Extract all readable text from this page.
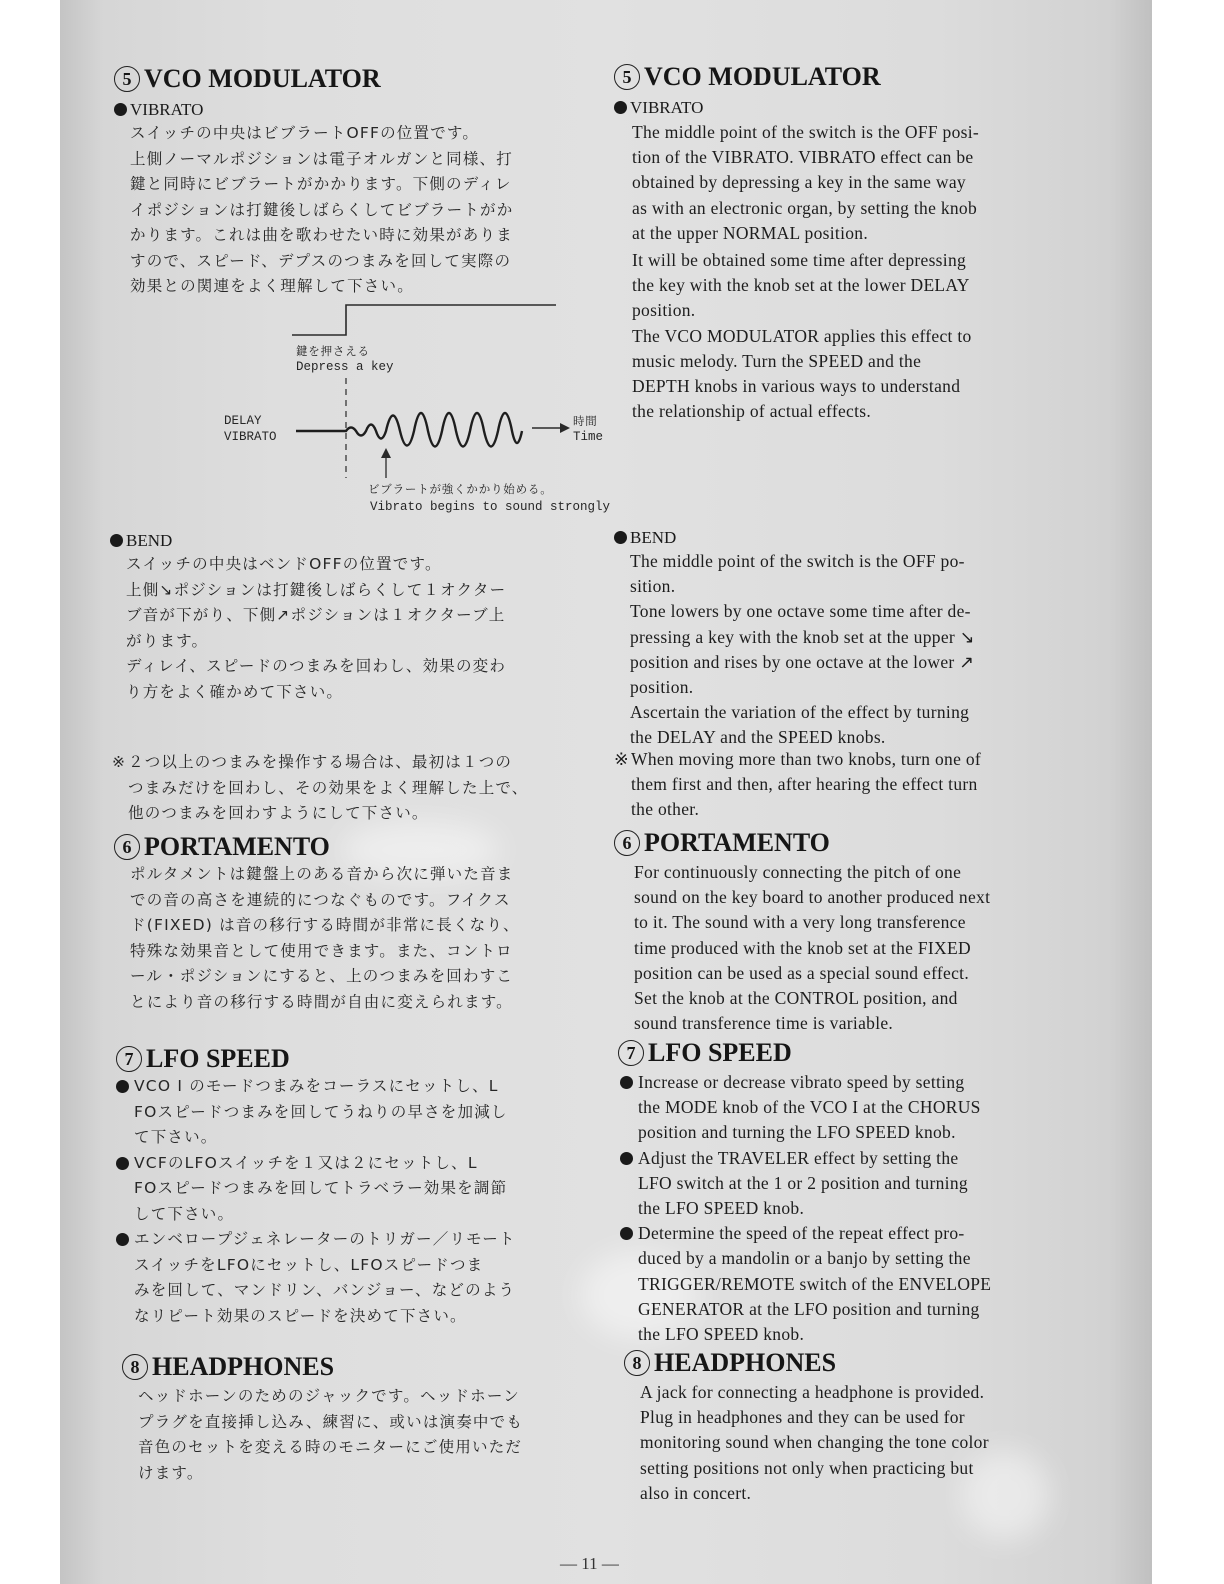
5 VCO MODULATOR
VIBRATO

スイッチの中央はビブラートOFFの位置です。
上側ノーマルポジションは電子オルガンと同様、打
鍵と同時にビブラートがかかります。下側のディレ
イポジションは打鍵後しばらくしてビブラートがか
かります。これは曲を歌わせたい時に効果がありま
すので、スピード、デプスのつまみを回して実際の
効果との関連をよく理解して下さい。

鍵を押さえる
Depress a key
DELAY
VIBRATO
時間
Time
ビブラートが強くかかり始める。
Vibrato begins to sound strongly
BEND

スイッチの中央はベンドOFFの位置です。
上側↘ポジションは打鍵後しばらくして１オクター
ブ音が下がり、下側↗ポジションは１オクターブ上
がります。
ディレイ、スピードのつまみを回わし、効果の変わ
り方をよく確かめて下さい。

※ ２つ以上のつまみを操作する場合は、最初は１つの
つまみだけを回わし、その効果をよく理解した上で、
他のつまみを回わすようにして下さい。

6 PORTAMENTO

ポルタメントは鍵盤上のある音から次に弾いた音ま
での音の高さを連続的につなぐものです。フイクス
ド(FIXED) は音の移行する時間が非常に長くなり、
特殊な効果音として使用できます。また、コントロ
ール・ポジションにすると、上のつまみを回わすこ
とにより音の移行する時間が自由に変えられます。

7 LFO SPEED

VCO I のモードつまみをコーラスにセットし、L
FOスピードつまみを回してうねりの早さを加減し
て下さい。

VCFのLFOスイッチを１又は２にセットし、L
FOスピードつまみを回してトラベラー効果を調節
して下さい。

エンベロープジェネレーターのトリガー／リモート
スイッチをLFOにセットし、LFOスピードつま
みを回して、マンドリン、バンジョー、などのよう
なリピート効果のスピードを決めて下さい。

8 HEADPHONES

ヘッドホーンのためのジャックです。ヘッドホーン
プラグを直接挿し込み、練習に、或いは演奏中でも
音色のセットを変える時のモニターにご使用いただ
けます。

5 VCO MODULATOR
VIBRATO

The middle point of the switch is the OFF posi-
tion of the VIBRATO. VIBRATO effect can be
obtained by depressing a key in the same way
as with an electronic organ, by setting the knob
at the upper NORMAL position.

It will be obtained some time after depressing
the key with the knob set at the lower DELAY
position.
The VCO MODULATOR applies this effect to
music melody. Turn the SPEED and the
DEPTH knobs in various ways to understand
the relationship of actual effects.

BEND

The middle point of the switch is the OFF po-
sition.
Tone lowers by one octave some time after de-
pressing a key with the knob set at the upper ↘
position and rises by one octave at the lower ↗
position.
Ascertain the variation of the effect by turning
the DELAY and the SPEED knobs.

※ When moving more than two knobs, turn one of
them first and then, after hearing the effect turn
the other.

6 PORTAMENTO

For continuously connecting the pitch of one
sound on the key board to another produced next
to it. The sound with a very long transference
time produced with the knob set at the FIXED
position can be used as a special sound effect.
Set the knob at the CONTROL position, and
sound transference time is variable.

7 LFO SPEED

Increase or decrease vibrato speed by setting
the MODE knob of the VCO I at the CHORUS
position and turning the LFO SPEED knob.

Adjust the TRAVELER effect by setting the
LFO switch at the 1 or 2 position and turning
the LFO SPEED knob.

Determine the speed of the repeat effect pro-
duced by a mandolin or a banjo by setting the
TRIGGER/REMOTE switch of the ENVELOPE
GENERATOR at the LFO position and turning
the LFO SPEED knob.

8 HEADPHONES

A jack for connecting a headphone is provided.
Plug in headphones and they can be used for
monitoring sound when changing the tone color
setting positions not only when practicing but
also in concert.

— 11 —
